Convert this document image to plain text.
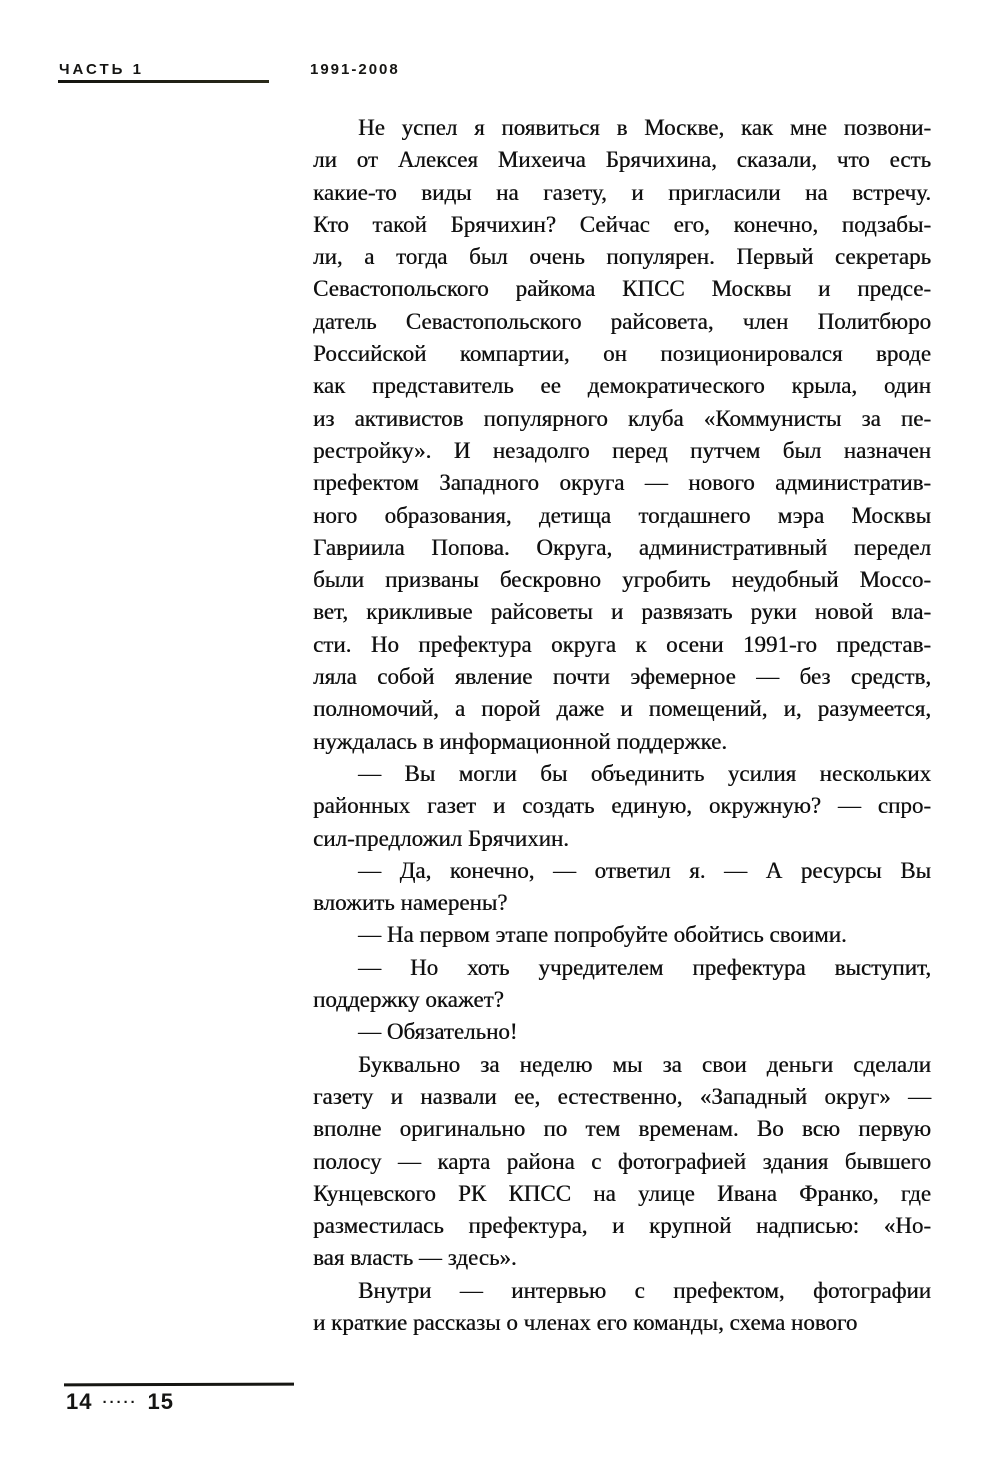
ЧАСТЬ 1	1991-2008
Не успел я появиться в Москве, как мне позвони-
ли от Алексея Михеича Брячихина, сказали, что есть
какие-то виды на газету, и пригласили на встречу.
Кто такой Брячихин? Сейчас его, конечно, подзабы-
ли, а тогда был очень популярен. Первый секретарь
Севастопольского райкома КПСС Москвы и предсе-
датель Севастопольского райсовета, член Политбюро
Российской компартии, он позиционировался вроде
как представитель ее демократического крыла, один
из активистов популярного клуба «Коммунисты за пе-
рестройку». И незадолго перед путчем был назначен
префектом Западного округа — нового административ-
ного образования, детища тогдашнего мэра Москвы
Гавриила Попова. Округа, административный передел
были призваны бескровно угробить неудобный Моссо-
вет, крикливые райсоветы и развязать руки новой вла-
сти. Но префектура округа к осени 1991-го представ-
ляла собой явление почти эфемерное — без средств,
полномочий, а порой даже и помещений, и, разумеется,
нуждалась в информационной поддержке.
— Вы могли бы объединить усилия нескольких
районных газет и создать единую, окружную? — спро-
сил-предложил Брячихин.
— Да, конечно, — ответил я. — А ресурсы Вы
вложить намерены?
— На первом этапе попробуйте обойтись своими.
— Но хоть учредителем префектура выступит,
поддержку окажет?
— Обязательно!
Буквально за неделю мы за свои деньги сделали
газету и назвали ее, естественно, «Западный округ» —
вполне оригинально по тем временам. Во всю первую
полосу — карта района с фотографией здания бывшего
Кунцевского РК КПСС на улице Ивана Франко, где
разместилась префектура, и крупной надписью: «Но-
вая власть — здесь».
Внутри — интервью с префектом, фотографии
и краткие рассказы о членах его команды, схема нового
14 ····· 15
